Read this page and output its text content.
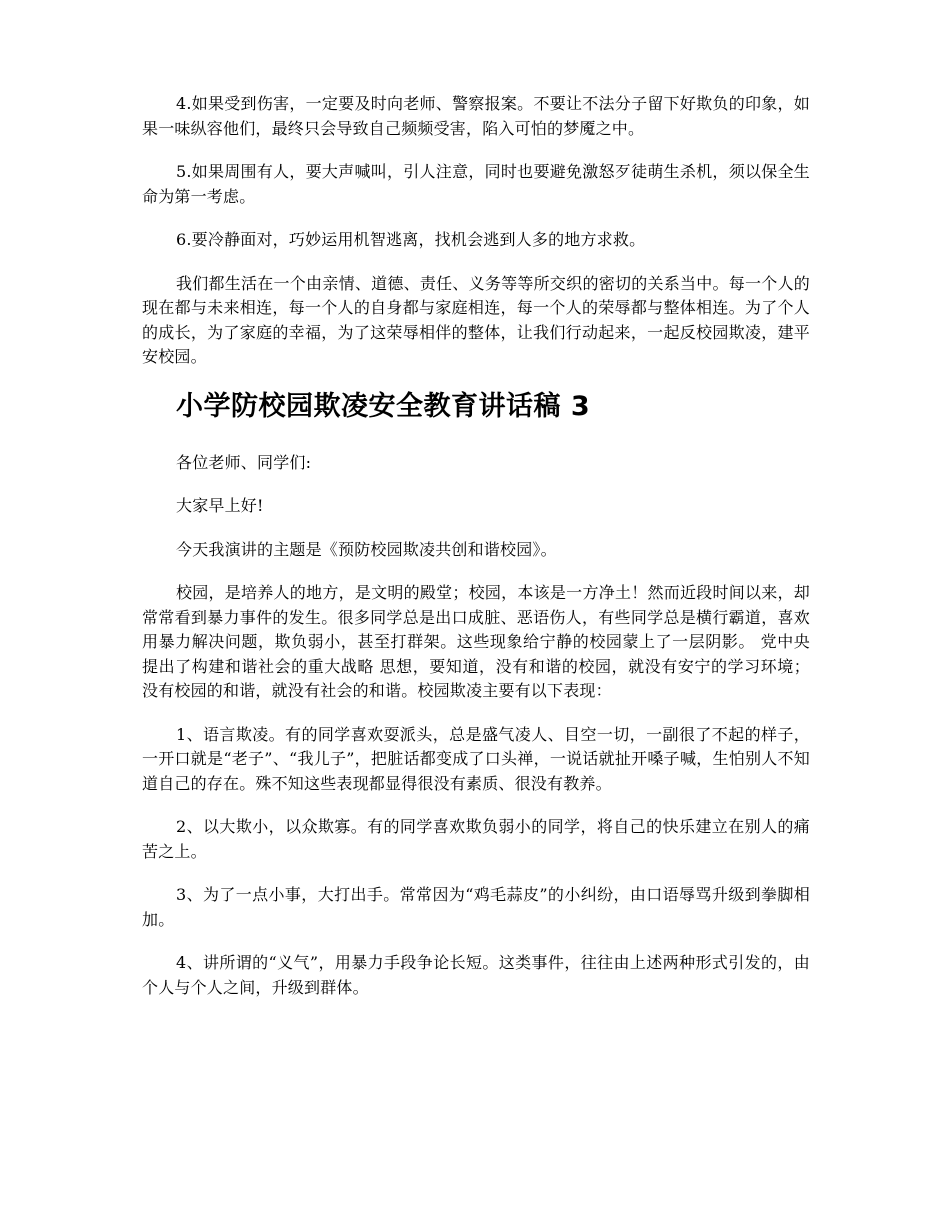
4.如果受到伤害，一定要及时向老师、警察报案。不要让不法分子留下好欺负的印象，如果一味纵容他们，最终只会导致自己频频受害，陷入可怕的梦魇之中。

5.如果周围有人，要大声喊叫，引人注意，同时也要避免激怒歹徒萌生杀机，须以保全生命为第一考虑。

6.要冷静面对，巧妙运用机智逃离，找机会逃到人多的地方求救。

我们都生活在一个由亲情、道德、责任、义务等等所交织的密切的关系当中。每一个人的现在都与未来相连，每一个人的自身都与家庭相连，每一个人的荣辱都与整体相连。为了个人的成长，为了家庭的幸福，为了这荣辱相伴的整体，让我们行动起来，一起反校园欺凌，建平安校园。

小学防校园欺凌安全教育讲话稿 3

各位老师、同学们:

大家早上好!

今天我演讲的主题是《预防校园欺凌共创和谐校园》。

校园，是培养人的地方，是文明的殿堂；校园，本该是一方净土！然而近段时间以来，却常常看到暴力事件的发生。很多同学总是出口成脏、恶语伤人，有些同学总是横行霸道，喜欢用暴力解决问题，欺负弱小，甚至打群架。这些现象给宁静的校园蒙上了一层阴影。 党中央提出了构建和谐社会的重大战略 思想，要知道，没有和谐的校园，就没有安宁的学习环境；没有校园的和谐，就没有社会的和谐。校园欺凌主要有以下表现：

1、语言欺凌。有的同学喜欢耍派头，总是盛气凌人、目空一切，一副很了不起的样子，一开口就是“老子”、“我儿子”，把脏话都变成了口头禅，一说话就扯开嗓子喊，生怕别人不知道自己的存在。殊不知这些表现都显得很没有素质、很没有教养。

2、以大欺小，以众欺寡。有的同学喜欢欺负弱小的同学，将自己的快乐建立在别人的痛苦之上。

3、为了一点小事，大打出手。常常因为“鸡毛蒜皮”的小纠纷，由口语辱骂升级到拳脚相加。

4、讲所谓的“义气”，用暴力手段争论长短。这类事件，往往由上述两种形式引发的，由个人与个人之间，升级到群体。
